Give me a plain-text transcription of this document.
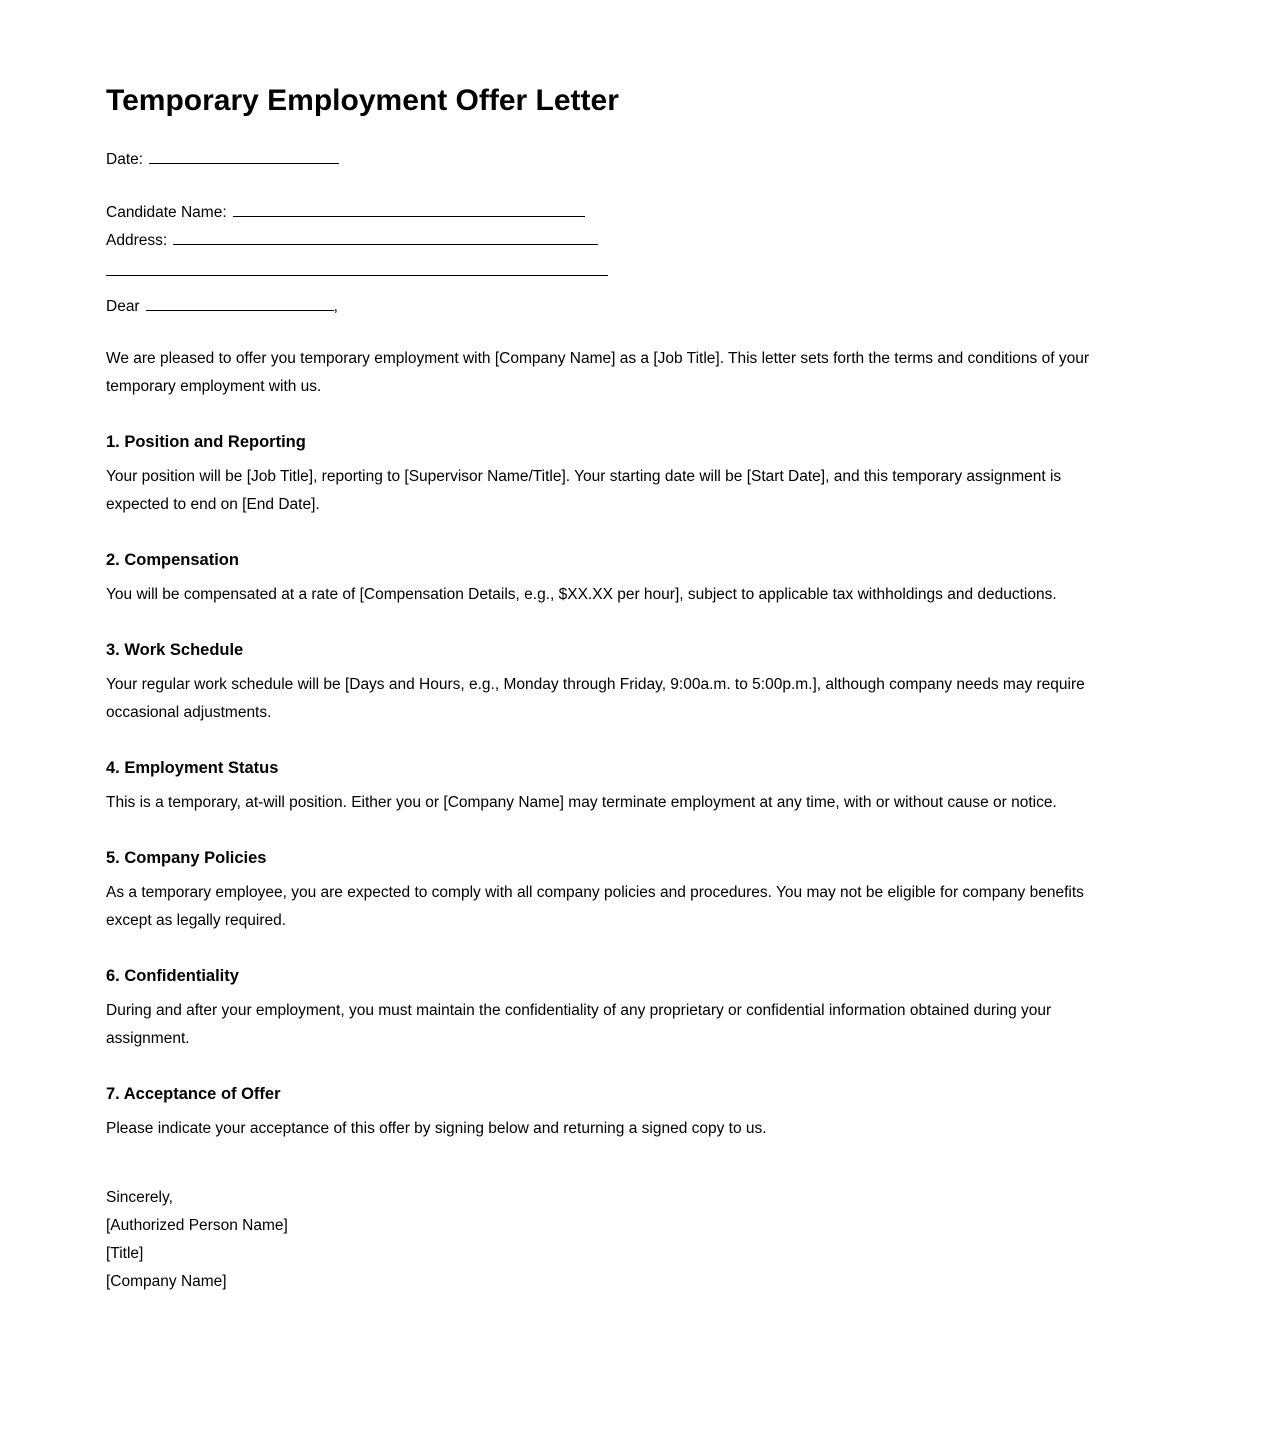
Temporary Employment Offer Letter
Date:
Candidate Name:
Address:
Dear	,

We are pleased to offer you temporary employment with [Company Name] as a [Job Title]. This letter sets forth the terms and conditions of your temporary employment with us.

1. Position and Reporting

Your position will be [Job Title], reporting to [Supervisor Name/Title]. Your starting date will be [Start Date], and this temporary assignment is expected to end on [End Date].

2. Compensation

You will be compensated at a rate of [Compensation Details, e.g., $XX.XX per hour], subject to applicable tax withholdings and deductions.

3. Work Schedule

Your regular work schedule will be [Days and Hours, e.g., Monday through Friday, 9:00a.m. to 5:00p.m.], although company needs may require occasional adjustments.

4. Employment Status

This is a temporary, at-will position. Either you or [Company Name] may terminate employment at any time, with or without cause or notice.

5. Company Policies

As a temporary employee, you are expected to comply with all company policies and procedures. You may not be eligible for company benefits except as legally required.

6. Confidentiality

During and after your employment, you must maintain the confidentiality of any proprietary or confidential information obtained during your assignment.

7. Acceptance of Offer

Please indicate your acceptance of this offer by signing below and returning a signed copy to us.

Sincerely,
[Authorized Person Name]
[Title]
[Company Name]
